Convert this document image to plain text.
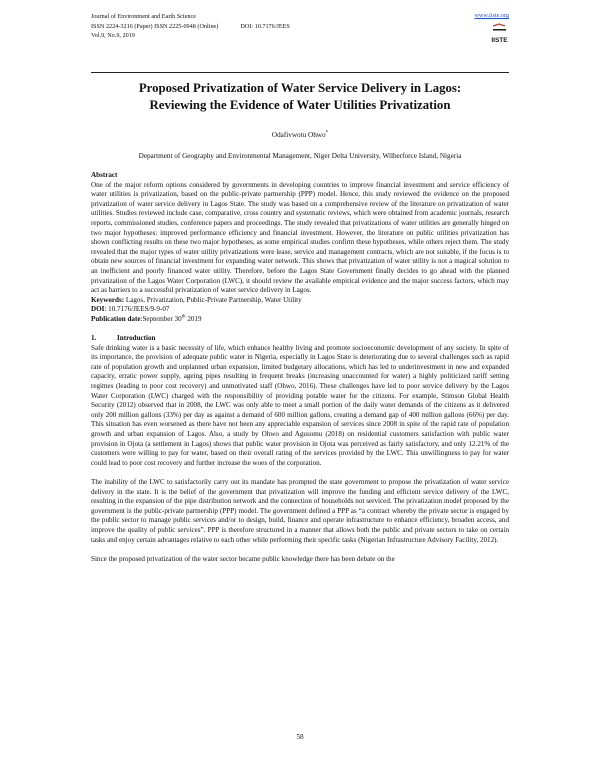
Journal of Environment and Earth Science
ISSN 2224-3216 (Paper) ISSN 2225-0948 (Online)	DOI: 10.7176/JEES
Vol.9, No.9, 2019
www.iiste.org
IISTE
Proposed Privatization of Water Service Delivery in Lagos:
Reviewing the Evidence of Water Utilities Privatization
Odafivwotu Ohwo*
Department of Geography and Environmental Management, Niger Delta University, Wilberforce Island, Nigeria

Abstract

One of the major reform options considered by governments in developing countries to improve financial investment and service efficiency of water utilities is privatization, based on the public-private partnership (PPP) model. Hence, this study reviewed the evidence on the proposed privatization of water service delivery in Lagos State. The study was based on a comprehensive review of the literature on privatization of water utilities. Studies reviewed include case, comparative, cross country and systematic reviews, which were obtained from academic journals, research reports, commissioned studies, conference papers and proceedings. The study revealed that privatizations of water utilities are generally hinged on two major hypotheses: improved performance efficiency and financial investment. However, the literature on public utilities privatization has shown conflicting results on these two major hypotheses, as some empirical studies confirm these hypotheses, while others reject them. The study revealed that the major types of water utility privatizations were lease, service and management contracts, which are not suitable, if the focus is to obtain new sources of financial investment for expanding water network. This shows that privatization of water utility is not a magical solution to an inefficient and poorly financed water utility. Therefore, before the Lagos State Government finally decides to go ahead with the planned privatization of the Lagos Water Corporation (LWC), it should review the available empirical evidence and the major success factors, which may act as barriers to a successful privatization of water service delivery in Lagos.

Keywords: Lagos, Privatization, Public-Private Partnership, Water Utility

DOI: 10.7176/JEES/9-9-07

Publication date:September 30th 2019

1.	Introduction

Safe drinking water is a basic necessity of life, which enhance healthy living and promote socioeconomic development of any society. In spite of its importance, the provision of adequate public water in Nigeria, especially in Lagos State is deteriorating due to several challenges such as rapid rate of population growth and unplanned urban expansion, limited budgetary allocations, which has led to underinvestment in new and expanded capacity, erratic power supply, ageing pipes resulting in frequent breaks (increasing unaccounted for water) a highly politicized tariff setting regimes (leading to poor cost recovery) and unmotivated staff (Ohwo, 2016). These challenges have led to poor service delivery by the Lagos Water Corporation (LWC) charged with the responsibility of providing potable water for the citizens. For example, Stimson Global Health Security (2012) observed that in 2008, the LWC was only able to meet a small portion of the daily water demands of the citizens as it delivered only 200 million gallons (33%) per day as against a demand of 600 million gallons, creating a demand gap of 400 million gallons (66%) per day. This situation has even worsened as there have not been any appreciable expansion of services since 2008 in spite of the rapid rate of population growth and urban expansion of Lagos. Also, a study by Ohwo and Agusomu (2018) on residential customers satisfaction with public water provision in Ojota (a settlement in Lagos) shows that public water provision in Ojota was perceived as fairly satisfactory, and only 12.21% of the customers were willing to pay for water, based on their overall rating of the services provided by the LWC. This unwillingness to pay for water could lead to poor cost recovery and further increase the woes of the corporation.

The inability of the LWC to satisfactorily carry out its mandate has prompted the state government to propose the privatization of water service delivery in the state. It is the belief of the government that privatization will improve the funding and efficient service delivery of the LWC, resulting in the expansion of the pipe distribution network and the connection of households not serviced. The privatization model proposed by the government is the public-private partnership (PPP) model. The government defined a PPP as “a contract whereby the private sector is engaged by the public sector to manage public services and/or to design, build, finance and operate infrastructure to enhance efficiency, broaden access, and improve the quality of public services”. PPP is therefore structured in a manner that allows both the public and private sectors to take on certain tasks and enjoy certain advantages relative to each other while performing their specific tasks (Nigerian Infrastructure Advisory Facility, 2012).

Since the proposed privatization of the water sector became public knowledge there has been debate on the

58
